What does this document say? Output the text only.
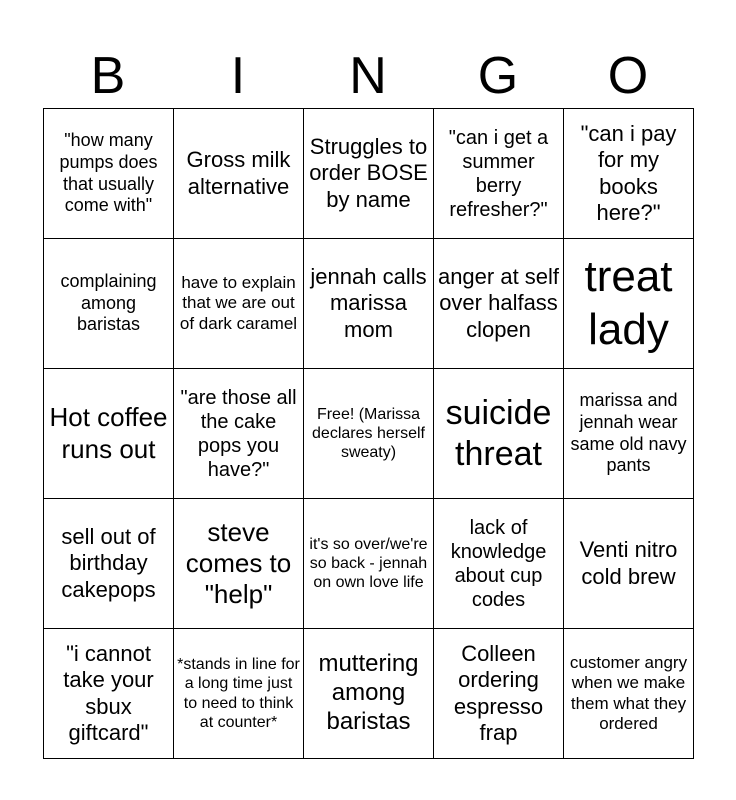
B	I	N	G	O
"how many pumps does that usually come with"	Gross milk alternative	Struggles to order BOSE by name	"can i get a summer berry refresher?"	"can i pay for my books here?"
complaining among baristas	have to explain that we are out of dark caramel	jennah calls marissa mom	anger at self over halfass clopen	treat lady
Hot coffee runs out	"are those all the cake pops you have?"	Free! (Marissa declares herself sweaty)	suicide threat	marissa and jennah wear same old navy pants
sell out of birthday cakepops	steve comes to "help"	it's so over/we're so back - jennah on own love life	lack of knowledge about cup codes	Venti nitro cold brew
"i cannot take your sbux giftcard"	*stands in line for a long time just to need to think at counter*	muttering among baristas	Colleen ordering espresso frap	customer angry when we make them what they ordered
